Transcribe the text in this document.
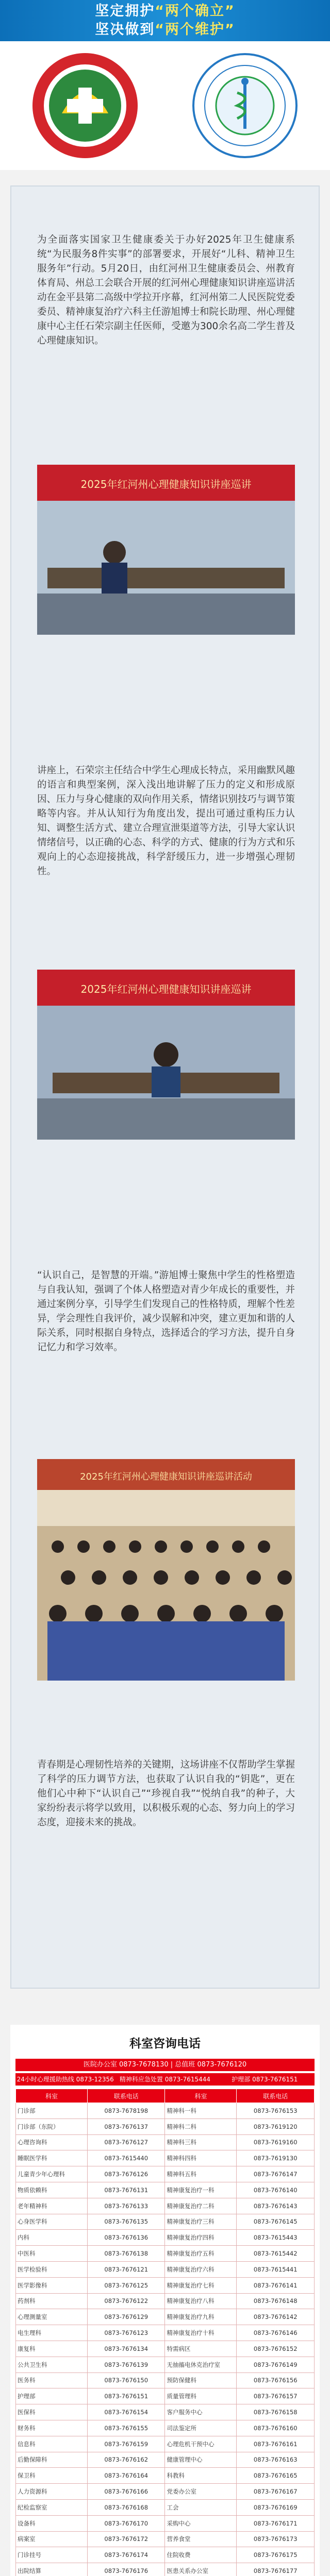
坚定拥护“两个确立”
坚决做到“两个维护”

为全面落实国家卫生健康委关于办好2025年卫生健康系统“为民服务8件实事”的部署要求，开展好“儿科、精神卫生服务年”行动。5月20日，由红河州卫生健康委员会、州教育体育局、州总工会联合开展的红河州心理健康知识讲座巡讲活动在金平县第二高级中学拉开序幕，红河州第二人民医院党委委员、精神康复治疗六科主任游旭博士和院长助理、州心理健康中心主任石荣宗副主任医师，受邀为300余名高二学生普及心理健康知识。

2025年红河州心理健康知识讲座巡讲

讲座上，石荣宗主任结合中学生心理成长特点，采用幽默风趣的语言和典型案例，深入浅出地讲解了压力的定义和形成原因、压力与身心健康的双向作用关系，情绪识别技巧与调节策略等内容。并从认知行为角度出发，提出可通过重构压力认知、调整生活方式、建立合理宣泄渠道等方法，引导大家认识情绪信号，以正确的心态、科学的方式、健康的行为方式和乐观向上的心态迎接挑战，科学舒缓压力，进一步增强心理韧性。

2025年红河州心理健康知识讲座巡讲

“认识自己，是智慧的开端。”游旭博士聚焦中学生的性格塑造与自我认知，强调了个体人格塑造对青少年成长的重要性，并通过案例分享，引导学生们发现自己的性格特质，理解个性差异，学会理性自我评价，减少误解和冲突，建立更加和谐的人际关系，同时根据自身特点，选择适合的学习方法，提升自身记忆力和学习效率。

2025年红河州心理健康知识讲座巡讲活动

青春期是心理韧性培养的关键期，这场讲座不仅帮助学生掌握了科学的压力调节方法，也获取了认识自我的“钥匙”，更在他们心中种下“认识自己”“珍视自我”“悦纳自我”的种子，大家纷纷表示将学以致用，以积极乐观的心态、努力向上的学习态度，迎接未来的挑战。

科室咨询电话
医院办公室 0873-7678130 | 总值班 0873-7676120
24小时心理援助热线 0873-12356 精神科应急处置 0873-7615444	护理部 0873-7676151
科室	联系电话	科室	联系电话
门诊部	0873-7678198	精神科一科	0873-7676153
门诊部（东院）	0873-7676137	精神科二科	0873-7619120
心理咨询科	0873-7676127	精神科三科	0873-7619160
睡眠医学科	0873-7615440	精神科四科	0873-7619130
儿童青少年心理科	0873-7676126	精神科五科	0873-7676147
物质依赖科	0873-7676131	精神康复治疗一科	0873-7676140
老年精神科	0873-7676133	精神康复治疗二科	0873-7676143
心身医学科	0873-7676135	精神康复治疗三科	0873-7676145
内科	0873-7676136	精神康复治疗四科	0873-7615443
中医科	0873-7676138	精神康复治疗五科	0873-7615442
医学检验科	0873-7676121	精神康复治疗六科	0873-7615441
医学影像科	0873-7676125	精神康复治疗七科	0873-7676141
药剂科	0873-7676122	精神康复治疗八科	0873-7676148
心理测量室	0873-7676129	精神康复治疗九科	0873-7676142
电生理科	0873-7676123	精神康复治疗十科	0873-7676146
康复科	0873-7676134	特需病区	0873-7676152
公共卫生科	0873-7676139	无抽搐电休克治疗室	0873-7676149
医务科	0873-7676150	预防保健科	0873-7676156
护理部	0873-7676151	质量管理科	0873-7676157
医保科	0873-7676154	客户服务中心	0873-7676158
财务科	0873-7676155	司法鉴定所	0873-7676160
信息科	0873-7676159	心理危机干预中心	0873-7676161
后勤保障科	0873-7676162	健康管理中心	0873-7676163
保卫科	0873-7676164	科教科	0873-7676165
人力资源科	0873-7676166	党委办公室	0873-7676167
纪检监察室	0873-7676168	工会	0873-7676169
设备科	0873-7676170	采购中心	0873-7676171
病案室	0873-7676172	营养食堂	0873-7676173
门诊挂号	0873-7676174	住院收费	0873-7676175
出院结算	0873-7676176	医患关系办公室	0873-7676177
